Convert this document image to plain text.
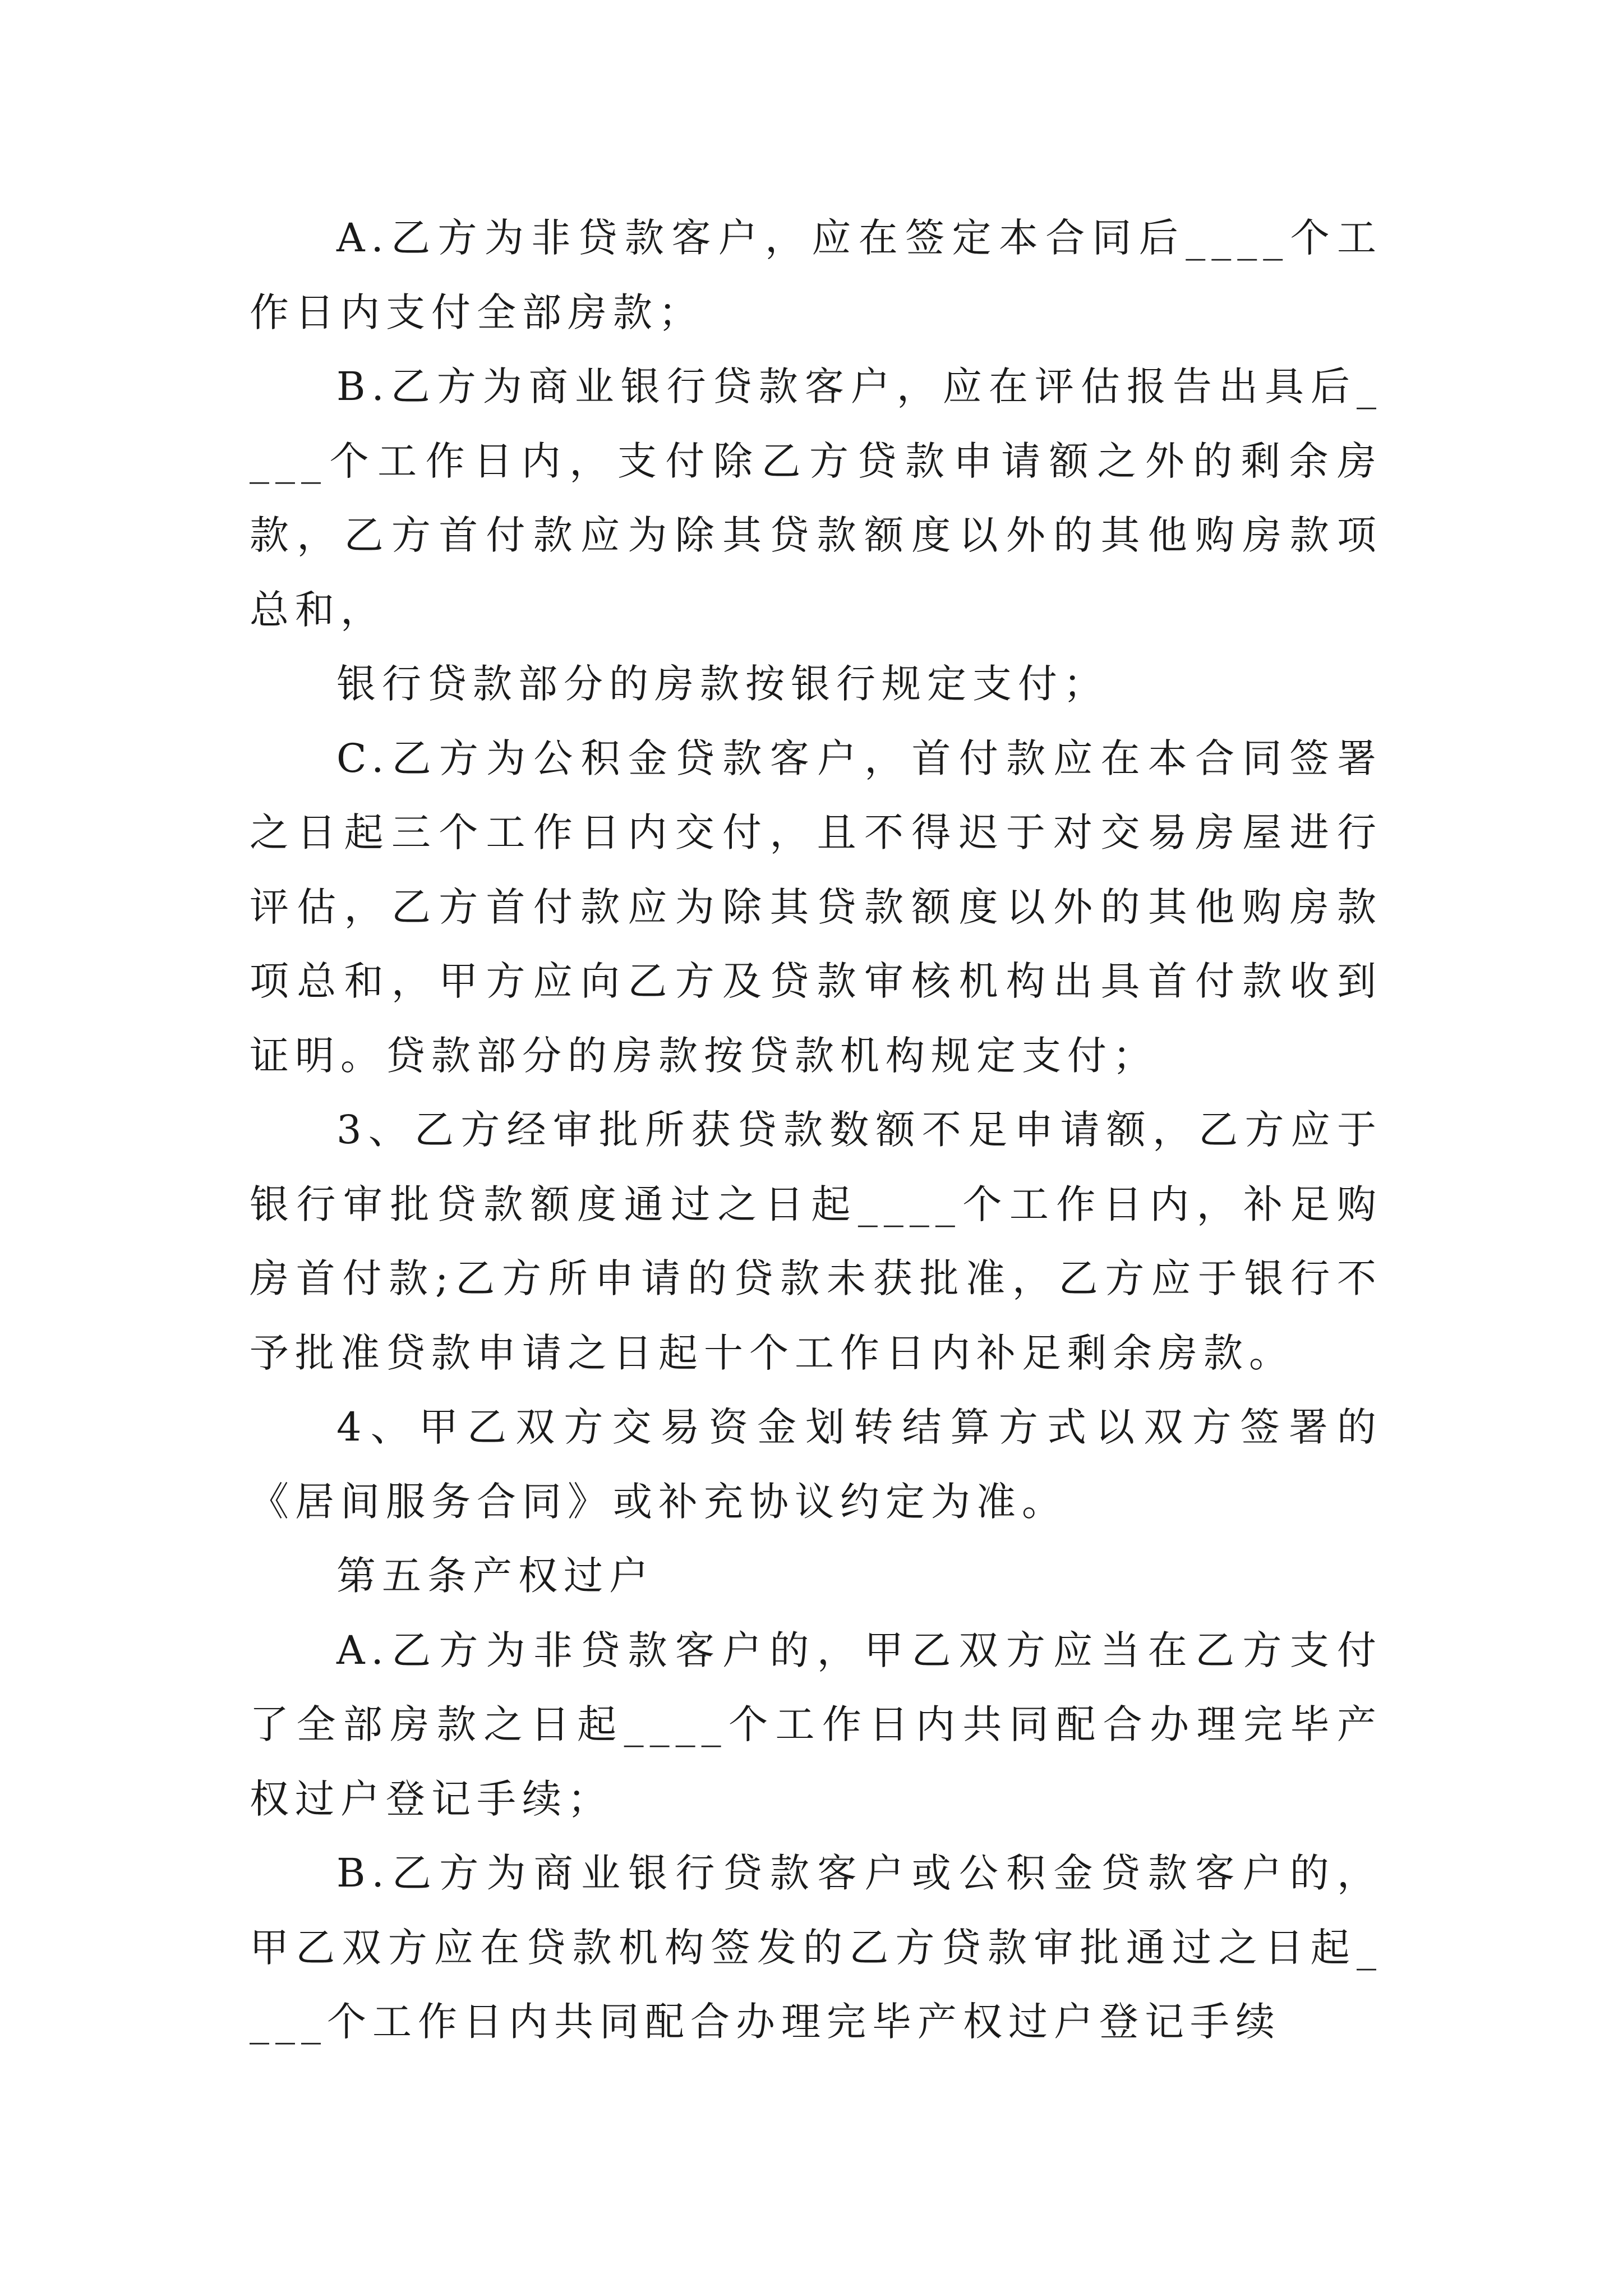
A.乙方为非贷款客户，应在签定本合同后____个工作日内支付全部房款；

B.乙方为商业银行贷款客户，应在评估报告出具后____个工作日内，支付除乙方贷款申请额之外的剩余房款，乙方首付款应为除其贷款额度以外的其他购房款项总和，

银行贷款部分的房款按银行规定支付；

C.乙方为公积金贷款客户，首付款应在本合同签署之日起三个工作日内交付，且不得迟于对交易房屋进行评估，乙方首付款应为除其贷款额度以外的其他购房款项总和，甲方应向乙方及贷款审核机构出具首付款收到证明。贷款部分的房款按贷款机构规定支付；

3、乙方经审批所获贷款数额不足申请额，乙方应于银行审批贷款额度通过之日起____个工作日内，补足购房首付款;乙方所申请的贷款未获批准，乙方应于银行不予批准贷款申请之日起十个工作日内补足剩余房款。

4、甲乙双方交易资金划转结算方式以双方签署的《居间服务合同》或补充协议约定为准。

第五条产权过户

A.乙方为非贷款客户的，甲乙双方应当在乙方支付了全部房款之日起____个工作日内共同配合办理完毕产权过户登记手续；

B.乙方为商业银行贷款客户或公积金贷款客户的，甲乙双方应在贷款机构签发的乙方贷款审批通过之日起____个工作日内共同配合办理完毕产权过户登记手续
